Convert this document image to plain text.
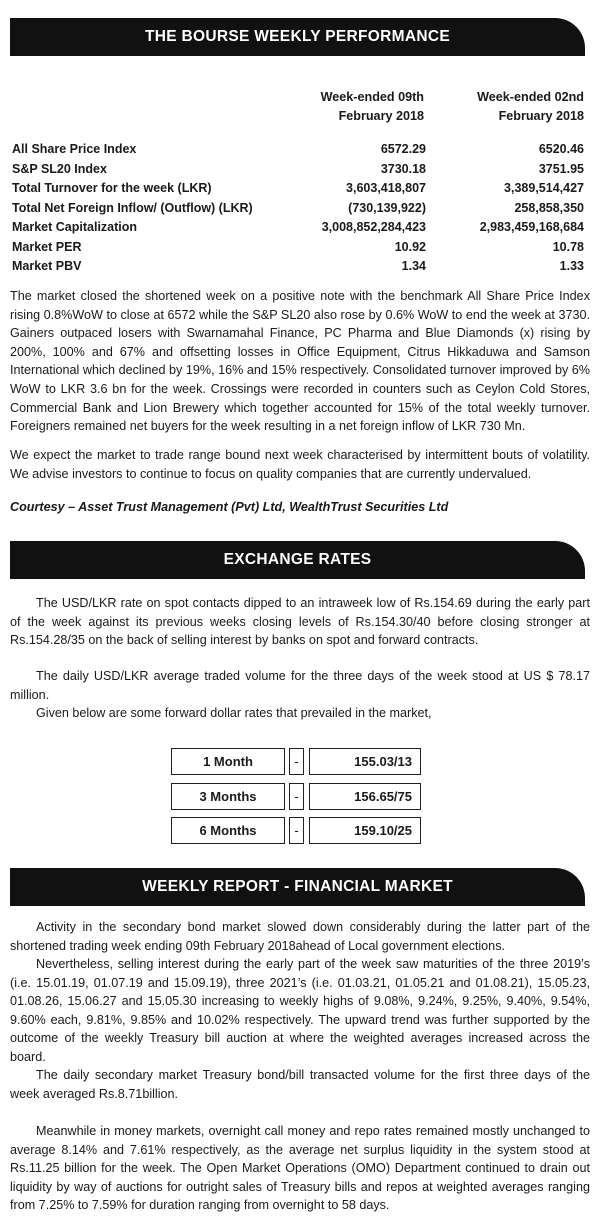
THE BOURSE WEEKLY PERFORMANCE
Week-ended 09th
February 2018
Week-ended 02nd
February 2018
All Share Price Index	6572.29	6520.46
S&P SL20 Index	3730.18	3751.95
Total Turnover for the week (LKR)	3,603,418,807	3,389,514,427
Total Net Foreign Inflow/ (Outflow) (LKR)	(730,139,922)	258,858,350
Market Capitalization	3,008,852,284,423	2,983,459,168,684
Market PER	10.92	10.78
Market PBV	1.34	1.33

The market closed the shortened week on a positive note with the benchmark All Share Price Index rising 0.8%WoW to close at 6572 while the S&P SL20 also rose by 0.6% WoW to end the week at 3730. Gainers outpaced losers with Swarnamahal Finance, PC Pharma and Blue Diamonds (x) rising by 200%, 100% and 67% and offsetting losses in Office Equipment, Citrus Hikkaduwa and Samson International which declined by 19%, 16% and 15% respectively. Consolidated turnover improved by 6% WoW to LKR 3.6 bn for the week. Crossings were recorded in counters such as Ceylon Cold Stores, Commercial Bank and Lion Brewery which together accounted for 15% of the total weekly turnover. Foreigners remained net buyers for the week resulting in a net foreign inflow of LKR 730 Mn.

We expect the market to trade range bound next week characterised by intermittent bouts of volatility. We advise investors to continue to focus on quality companies that are currently undervalued.

Courtesy – Asset Trust Management (Pvt) Ltd, WealthTrust Securities Ltd
EXCHANGE RATES

The USD/LKR rate on spot contacts dipped to an intraweek low of Rs.154.69 during the early part of the week against its previous weeks closing levels of Rs.154.30/40 before closing stronger at Rs.154.28/35 on the back of selling interest by banks on spot and forward contracts.

The daily USD/LKR average traded volume for the three days of the week stood at US $ 78.17 million.

Given below are some forward dollar rates that prevailed in the market,

1 Month	-	155.03/13
3 Months	-	156.65/75
6 Months	-	159.10/25
WEEKLY REPORT - FINANCIAL MARKET

Activity in the secondary bond market slowed down considerably during the latter part of the shortened trading week ending 09th February 2018ahead of Local government elections.

Nevertheless, selling interest during the early part of the week saw maturities of the three 2019’s (i.e. 15.01.19, 01.07.19 and 15.09.19), three 2021’s (i.e. 01.03.21, 01.05.21 and 01.08.21), 15.05.23, 01.08.26, 15.06.27 and 15.05.30 increasing to weekly highs of 9.08%, 9.24%, 9.25%, 9.40%, 9.54%, 9.60% each, 9.81%, 9.85% and 10.02% respectively. The upward trend was further supported by the outcome of the weekly Treasury bill auction at where the weighted averages increased across the board.

The daily secondary market Treasury bond/bill transacted volume for the first three days of the week averaged Rs.8.71billion.

Meanwhile in money markets, overnight call money and repo rates remained mostly unchanged to average 8.14% and 7.61% respectively, as the average net surplus liquidity in the system stood at Rs.11.25 billion for the week. The Open Market Operations (OMO) Department continued to drain out liquidity by way of auctions for outright sales of Treasury bills and repos at weighted averages ranging from 7.25% to 7.59% for duration ranging from overnight to 58 days.
